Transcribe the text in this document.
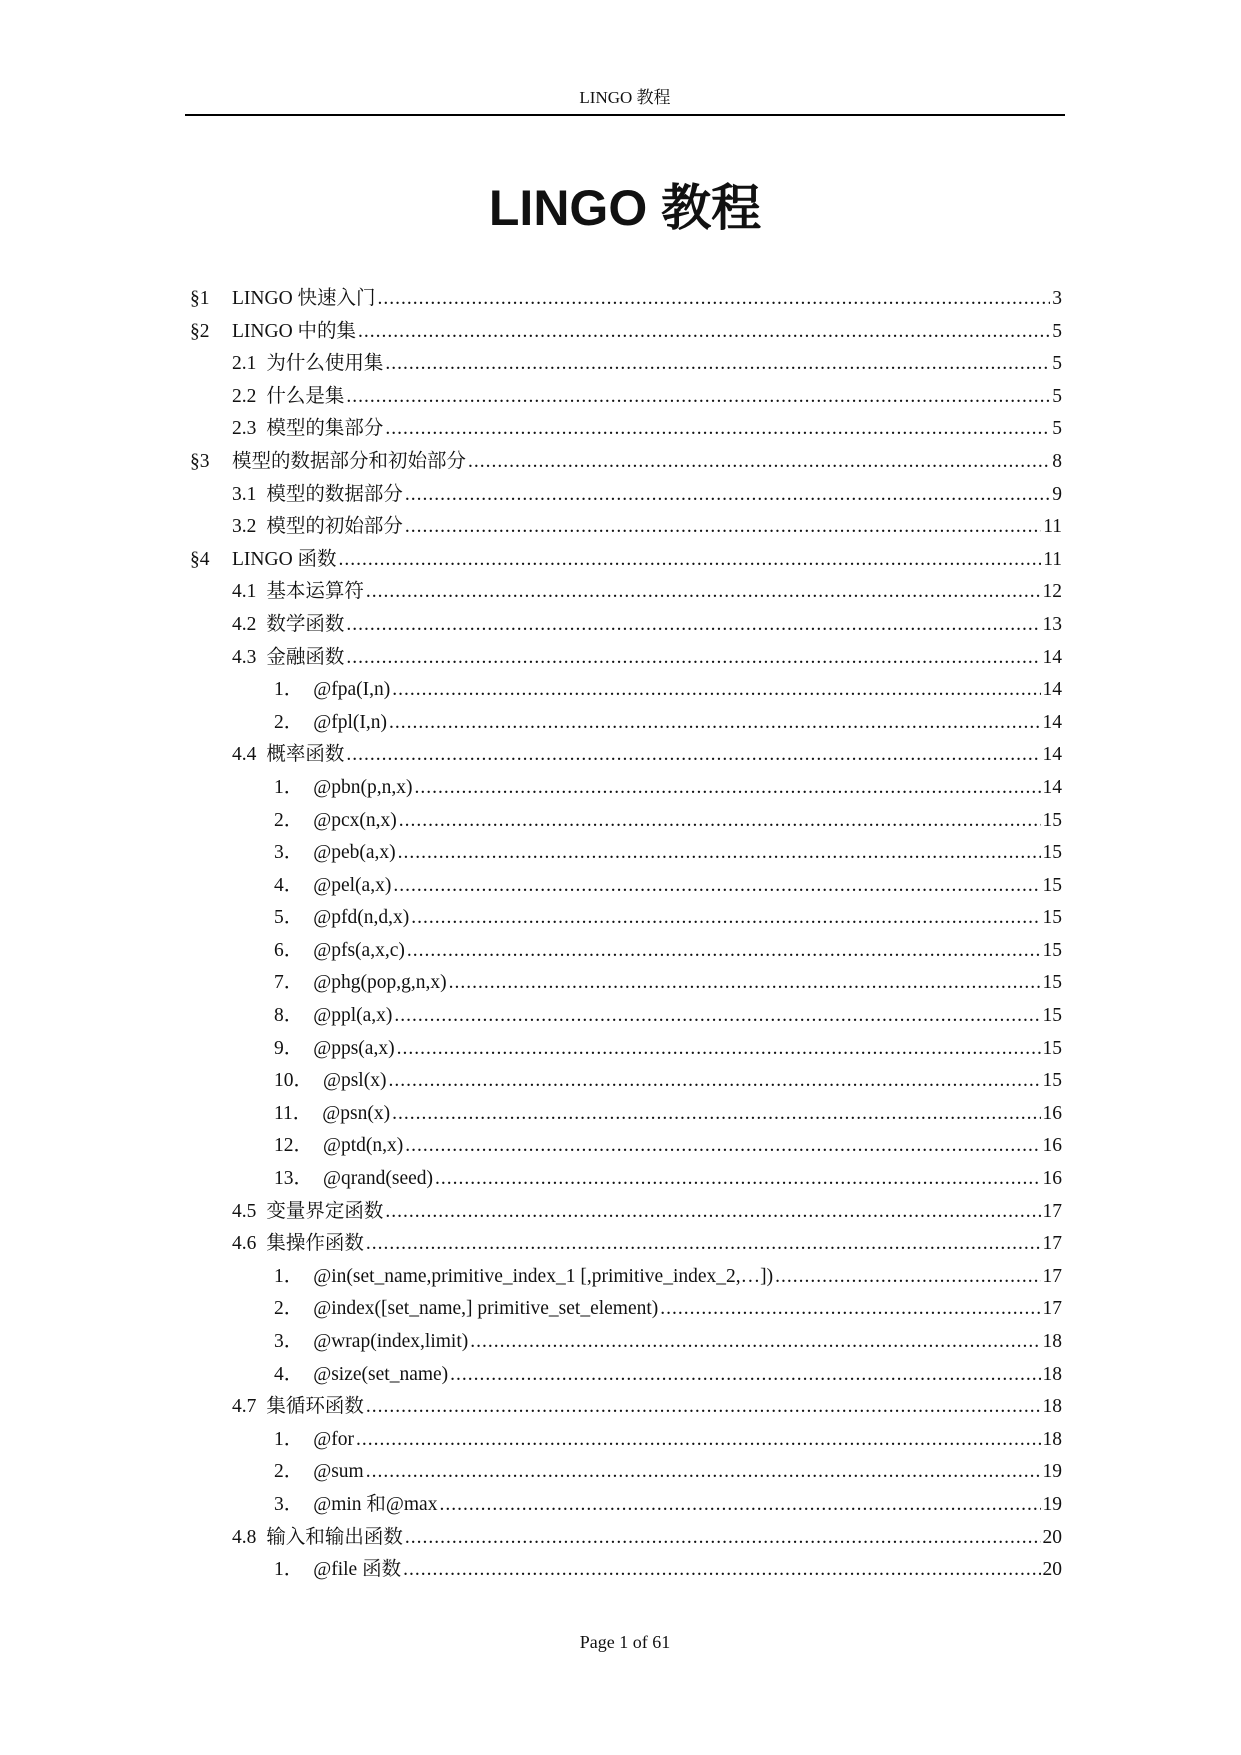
LINGO 教程
LINGO 教程
§1	LINGO 快速入门 .....	3
§2	LINGO 中的集 .....	5
2.1 为什么使用集 .....	5
2.2 什么是集 .....	5
2.3 模型的集部分 .....	5
§3	模型的数据部分和初始部分 .....	8
3.1 模型的数据部分 .....	9
3.2 模型的初始部分 .....	11
§4	LINGO 函数 .....	11
4.1 基本运算符 .....	12
4.2 数学函数 .....	13
4.3 金融函数 .....	14
1． @fpa(I,n) .....	14
2． @fpl(I,n) .....	14
4.4 概率函数 .....	14
1． @pbn(p,n,x) .....	14
2． @pcx(n,x) .....	15
3． @peb(a,x) .....	15
4． @pel(a,x) .....	15
5． @pfd(n,d,x) .....	15
6． @pfs(a,x,c) .....	15
7． @phg(pop,g,n,x) .....	15
8． @ppl(a,x) .....	15
9． @pps(a,x) .....	15
10． @psl(x) .....	15
11． @psn(x) .....	16
12． @ptd(n,x) .....	16
13． @qrand(seed) .....	16
4.5 变量界定函数 .....	17
4.6 集操作函数 .....	17
1． @in(set_name,primitive_index_1 [,primitive_index_2,…]) .....	17
2． @index([set_name,] primitive_set_element) .....	17
3． @wrap(index,limit) .....	18
4． @size(set_name) .....	18
4.7 集循环函数 .....	18
1． @for .....	18
2． @sum .....	19
3． @min 和@max .....	19
4.8 输入和输出函数 .....	20
1． @file 函数 .....	20
Page 1 of 61
